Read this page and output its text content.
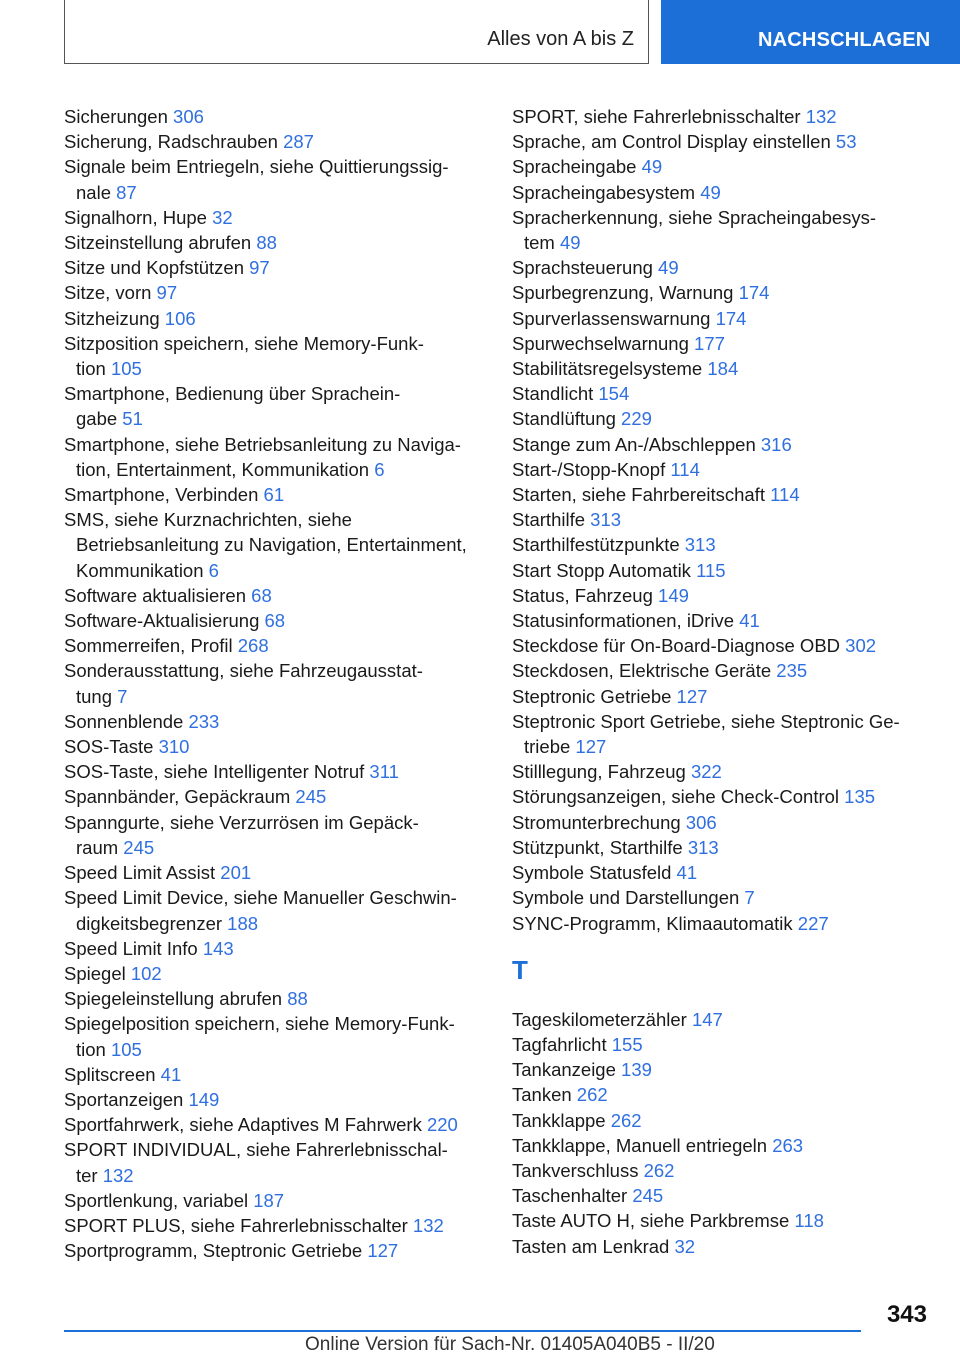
Alles von A bis Z	NACHSCHLAGEN
Sicherungen 306
Sicherung, Radschrauben 287
Signale beim Entriegeln, siehe Quittierungssig-
nale 87
Signalhorn, Hupe 32
Sitzeinstellung abrufen 88
Sitze und Kopfstützen 97
Sitze, vorn 97
Sitzheizung 106
Sitzposition speichern, siehe Memory-Funk-
tion 105
Smartphone, Bedienung über Sprachein-
gabe 51
Smartphone, siehe Betriebsanleitung zu Naviga-
tion, Entertainment, Kommunikation 6
Smartphone, Verbinden 61
SMS, siehe Kurznachrichten, siehe
Betriebsanleitung zu Navigation, Entertainment,
Kommunikation 6
Software aktualisieren 68
Software-Aktualisierung 68
Sommerreifen, Profil 268
Sonderausstattung, siehe Fahrzeugausstat-
tung 7
Sonnenblende 233
SOS-Taste 310
SOS-Taste, siehe Intelligenter Notruf 311
Spannbänder, Gepäckraum 245
Spanngurte, siehe Verzurrösen im Gepäck-
raum 245
Speed Limit Assist 201
Speed Limit Device, siehe Manueller Geschwin-
digkeitsbegrenzer 188
Speed Limit Info 143
Spiegel 102
Spiegeleinstellung abrufen 88
Spiegelposition speichern, siehe Memory-Funk-
tion 105
Splitscreen 41
Sportanzeigen 149
Sportfahrwerk, siehe Adaptives M Fahrwerk 220
SPORT INDIVIDUAL, siehe Fahrerlebnisschal-
ter 132
Sportlenkung, variabel 187
SPORT PLUS, siehe Fahrerlebnisschalter 132
Sportprogramm, Steptronic Getriebe 127
SPORT, siehe Fahrerlebnisschalter 132
Sprache, am Control Display einstellen 53
Spracheingabe 49
Spracheingabesystem 49
Spracherkennung, siehe Spracheingabesys-
tem 49
Sprachsteuerung 49
Spurbegrenzung, Warnung 174
Spurverlassenswarnung 174
Spurwechselwarnung 177
Stabilitätsregelsysteme 184
Standlicht 154
Standlüftung 229
Stange zum An-/Abschleppen 316
Start-/Stopp-Knopf 114
Starten, siehe Fahrbereitschaft 114
Starthilfe 313
Starthilfestützpunkte 313
Start Stopp Automatik 115
Status, Fahrzeug 149
Statusinformationen, iDrive 41
Steckdose für On-Board-Diagnose OBD 302
Steckdosen, Elektrische Geräte 235
Steptronic Getriebe 127
Steptronic Sport Getriebe, siehe Steptronic Ge-
triebe 127
Stilllegung, Fahrzeug 322
Störungsanzeigen, siehe Check-Control 135
Stromunterbrechung 306
Stützpunkt, Starthilfe 313
Symbole Statusfeld 41
Symbole und Darstellungen 7
SYNC-Programm, Klimaautomatik 227
T
Tageskilometerzähler 147
Tagfahrlicht 155
Tankanzeige 139
Tanken 262
Tankklappe 262
Tankklappe, Manuell entriegeln 263
Tankverschluss 262
Taschenhalter 245
Taste AUTO H, siehe Parkbremse 118
Tasten am Lenkrad 32
343
Online Version für Sach-Nr. 01405A040B5 - II/20
